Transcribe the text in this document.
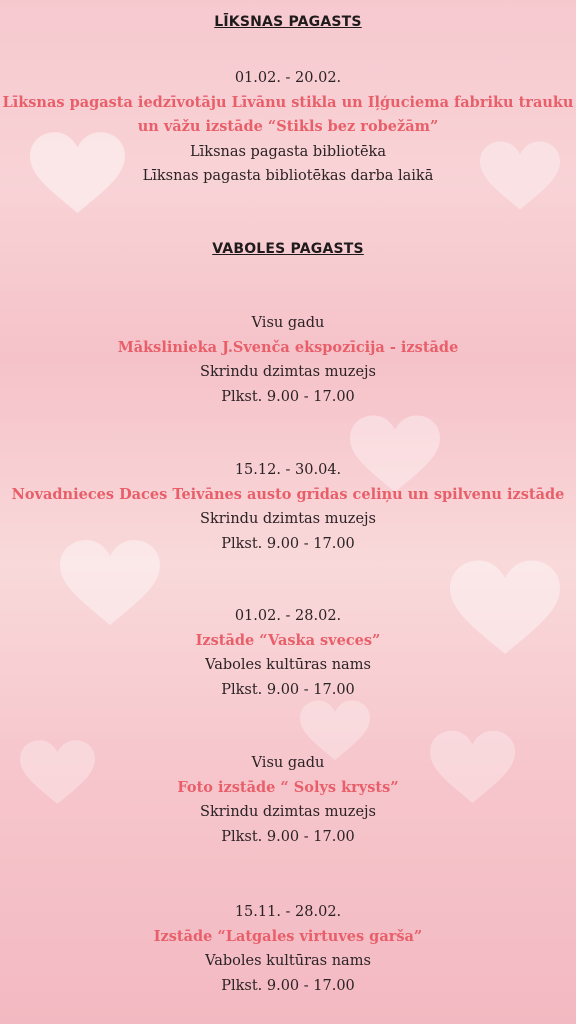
LĪKSNAS PAGASTS
01.02. - 20.02.
Līksnas pagasta iedzīvotāju Līvānu stikla un Iļģuciema fabriku trauku
un vāžu izstāde “Stikls bez robežām”
Līksnas pagasta bibliotēka
Līksnas pagasta bibliotēkas darba laikā
VABOLES PAGASTS
Visu gadu
Mākslinieka J.Svenča ekspozīcija - izstāde
Skrindu dzimtas muzejs
Plkst. 9.00 - 17.00
15.12. - 30.04.
Novadnieces Daces Teivānes austo grīdas celiņu un spilvenu izstāde
Skrindu dzimtas muzejs
Plkst. 9.00 - 17.00
01.02. - 28.02.
Izstāde “Vaska sveces”
Vaboles kultūras nams
Plkst. 9.00 - 17.00
Visu gadu
Foto izstāde “ Solys krysts”
Skrindu dzimtas muzejs
Plkst. 9.00 - 17.00
15.11. - 28.02.
Izstāde “Latgales virtuves garša”
Vaboles kultūras nams
Plkst. 9.00 - 17.00
